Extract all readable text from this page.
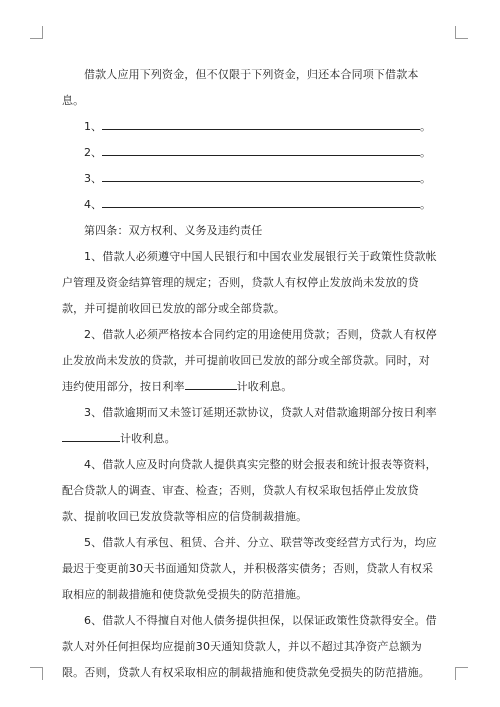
借款人应用下列资金，但不仅限于下列资金，归还本合同项下借款本息。

1、	。

2、	。

3、	。

4、	。

第四条：双方权利、义务及违约责任

1、借款人必须遵守中国人民银行和中国农业发展银行关于政策性贷款帐户管理及资金结算管理的规定；否则，贷款人有权停止发放尚未发放的贷款，并可提前收回已发放的部分或全部贷款。

2、借款人必须严格按本合同约定的用途使用贷款；否则，贷款人有权停止发放尚未发放的贷款，并可提前收回已发放的部分或全部贷款。同时，对违约使用部分，按日利率	计收利息。

3、借款逾期而又未签订延期还款协议，贷款人对借款逾期部分按日利率计收利息。

4、借款人应及时向贷款人提供真实完整的财会报表和统计报表等资料，配合贷款人的调查、审查、检查；否则，贷款人有权采取包括停止发放贷款、提前收回已发放贷款等相应的信贷制裁措施。

5、借款人有承包、租赁、合并、分立、联营等改变经营方式行为，均应最迟于变更前30天书面通知贷款人，并积极落实债务；否则，贷款人有权采取相应的制裁措施和使贷款免受损失的防范措施。

6、借款人不得擅自对他人债务提供担保，以保证政策性贷款得安全。借款人对外任何担保均应提前30天通知贷款人，并以不超过其净资产总额为限。否则，贷款人有权采取相应的制裁措施和使贷款免受损失的防范措施。
